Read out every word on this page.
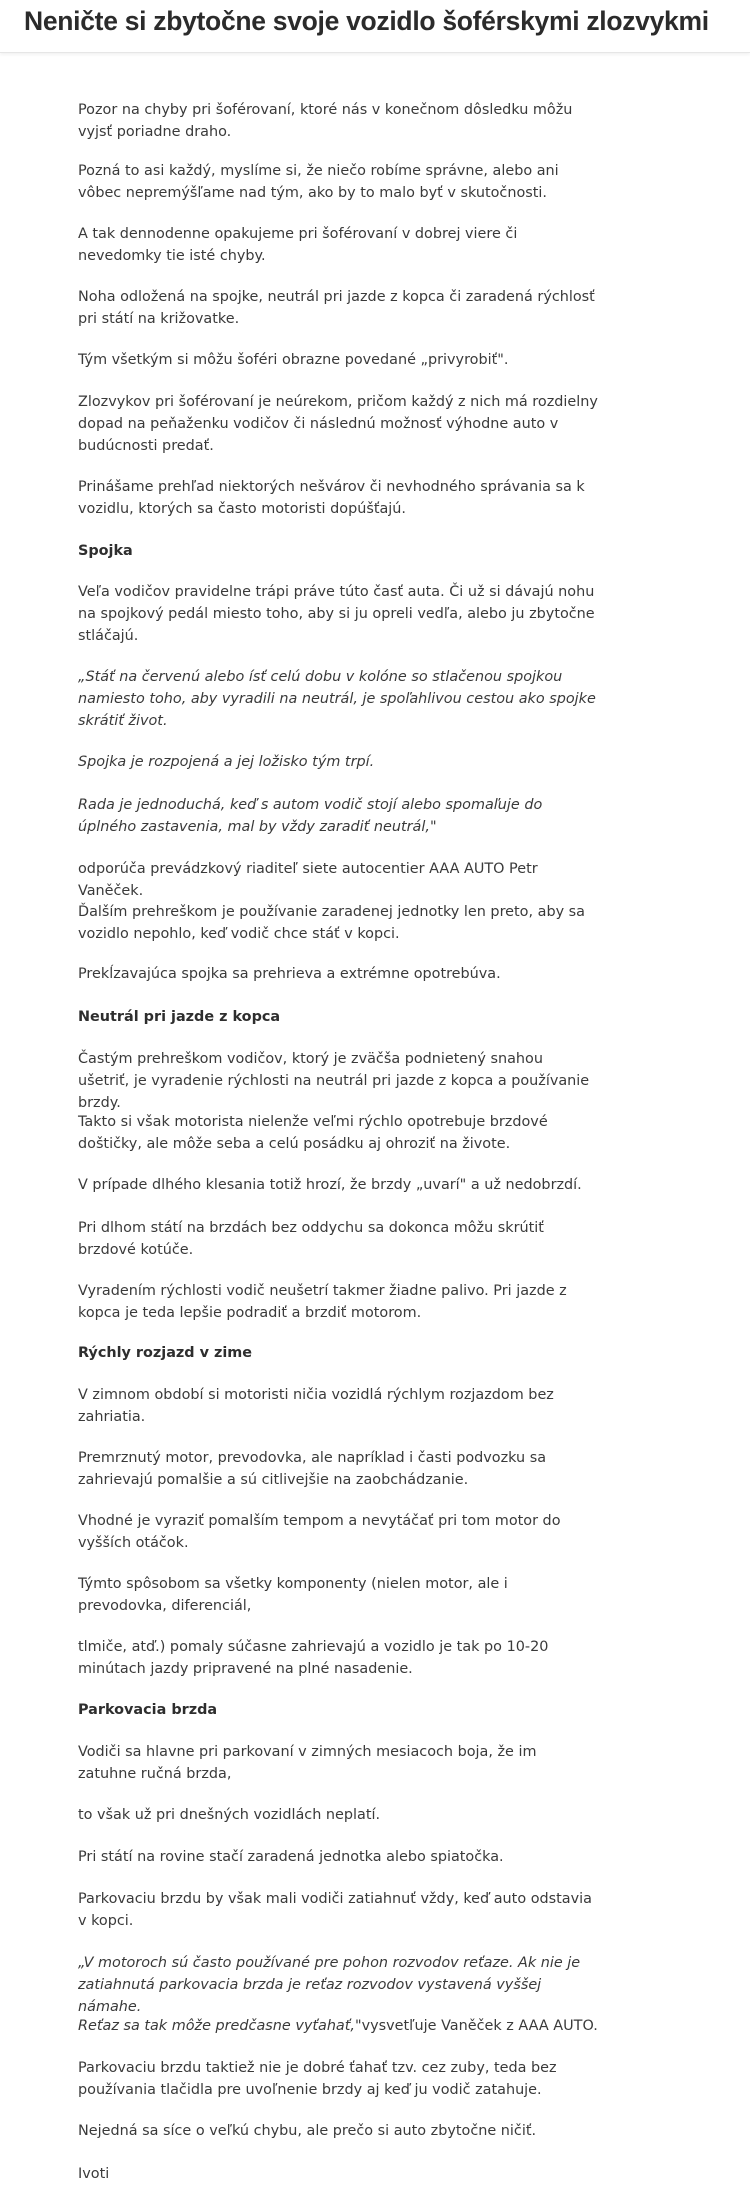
Neničte si zbytočne svoje vozidlo šoférskymi zlozvykmi

Pozor na chyby pri šoférovaní, ktoré nás v konečnom dôsledku môžu vyjsť poriadne draho.

Pozná to asi každý, myslíme si, že niečo robíme správne, alebo ani vôbec nepremýšľame nad tým, ako by to malo byť v skutočnosti.

A tak dennodenne opakujeme pri šoférovaní v dobrej viere či nevedomky tie isté chyby.

Noha odložená na spojke, neutrál pri jazde z kopca či zaradená rýchlosť pri státí na križovatke.

Tým všetkým si môžu šoféri obrazne povedané „privyrobiť".

Zlozvykov pri šoférovaní je neúrekom, pričom každý z nich má rozdielny dopad na peňaženku vodičov či následnú možnosť výhodne auto v budúcnosti predať.

Prinášame prehľad niektorých nešvárov či nevhodného správania sa k vozidlu, ktorých sa často motoristi dopúšťajú.

Spojka

Veľa vodičov pravidelne trápi práve túto časť auta. Či už si dávajú nohu na spojkový pedál miesto toho, aby si ju opreli vedľa, alebo ju zbytočne stláčajú.

„Stáť na červenú alebo ísť celú dobu v kolóne so stlačenou spojkou namiesto toho, aby vyradili na neutrál, je spoľahlivou cestou ako spojke skrátiť život.

Spojka je rozpojená a jej ložisko tým trpí.

Rada je jednoduchá, keď s autom vodič stojí alebo spomaľuje do úplného zastavenia, mal by vždy zaradiť neutrál,"

odporúča prevádzkový riaditeľ siete autocentier AAA AUTO Petr Vaněček.

Ďalším prehreškom je používanie zaradenej jednotky len preto, aby sa vozidlo nepohlo, keď vodič chce stáť v kopci.

Prekĺzavajúca spojka sa prehrieva a extrémne opotrebúva.

Neutrál pri jazde z kopca

Častým prehreškom vodičov, ktorý je zväčša podnietený snahou ušetriť, je vyradenie rýchlosti na neutrál pri jazde z kopca a používanie brzdy.

Takto si však motorista nielenže veľmi rýchlo opotrebuje brzdové doštičky, ale môže seba a celú posádku aj ohroziť na živote.

V prípade dlhého klesania totiž hrozí, že brzdy „uvarí" a už nedobrzdí.

Pri dlhom státí na brzdách bez oddychu sa dokonca môžu skrútiť brzdové kotúče.

Vyradením rýchlosti vodič neušetrí takmer žiadne palivo. Pri jazde z kopca je teda lepšie podradiť a brzdiť motorom.

Rýchly rozjazd v zime

V zimnom období si motoristi ničia vozidlá rýchlym rozjazdom bez zahriatia.

Premrznutý motor, prevodovka, ale napríklad i časti podvozku sa zahrievajú pomalšie a sú citlivejšie na zaobchádzanie.

Vhodné je vyraziť pomalším tempom a nevytáčať pri tom motor do vyšších otáčok.

Týmto spôsobom sa všetky komponenty (nielen motor, ale i prevodovka, diferenciál,

tlmiče, atď.) pomaly súčasne zahrievajú a vozidlo je tak po 10-20 minútach jazdy pripravené na plné nasadenie.

Parkovacia brzda

Vodiči sa hlavne pri parkovaní v zimných mesiacoch boja, že im zatuhne ručná brzda,

to však už pri dnešných vozidlách neplatí.

Pri státí na rovine stačí zaradená jednotka alebo spiatočka.

Parkovaciu brzdu by však mali vodiči zatiahnuť vždy, keď auto odstavia v kopci.

„V motoroch sú často používané pre pohon rozvodov reťaze. Ak nie je zatiahnutá parkovacia brzda je reťaz rozvodov vystavená vyššej námahe.

Reťaz sa tak môže predčasne vyťahať,"vysvetľuje Vaněček z AAA AUTO.

Parkovaciu brzdu taktiež nie je dobré ťahať tzv. cez zuby, teda bez používania tlačidla pre uvoľnenie brzdy aj keď ju vodič zatahuje.

Nejedná sa síce o veľkú chybu, ale prečo si auto zbytočne ničiť.

Ivoti
